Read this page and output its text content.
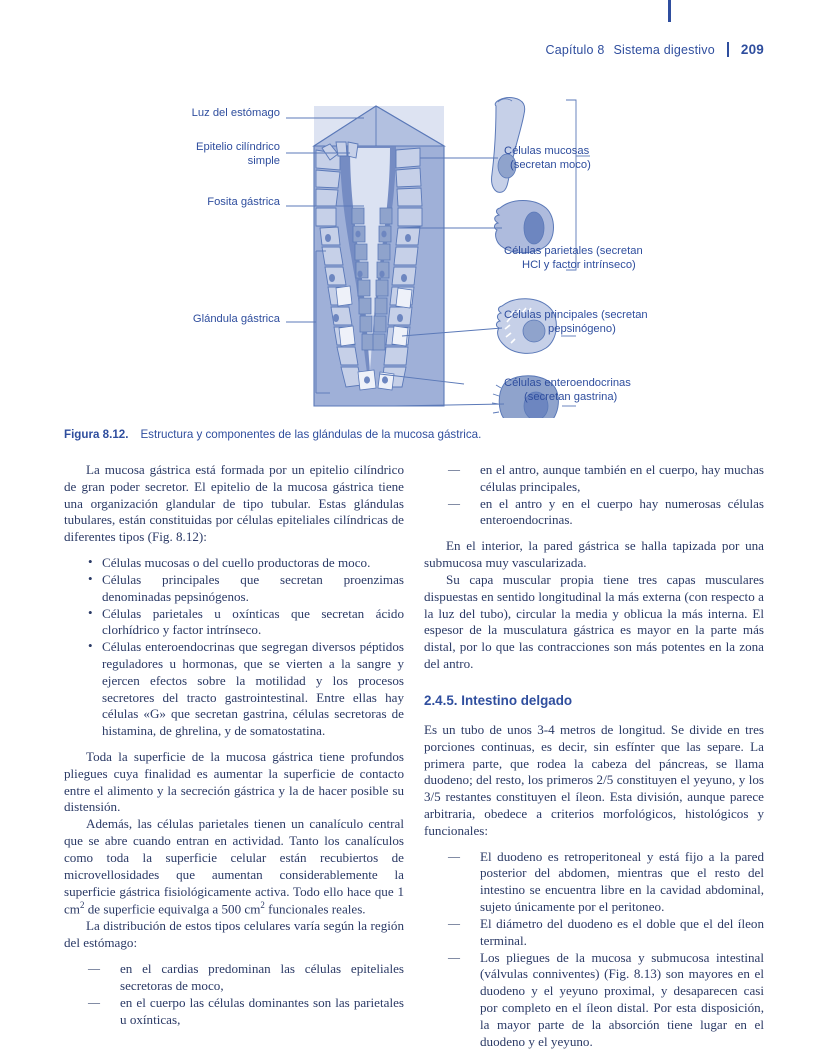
Capítulo 8 Sistema digestivo 209
Luz del estómago
Epitelio cilíndrico
simple
Fosita gástrica
Glándula gástrica
Células mucosas
(secretan moco)
Células parietales (secretan
HCl y factor intrínseco)
Células principales (secretan
pepsinógeno)
Células enteroendocrinas
(secretan gastrina)
Figura 8.12. Estructura y componentes de las glándulas de la mucosa gástrica.

La mucosa gástrica está formada por un epitelio cilíndrico de gran poder secretor. El epitelio de la mucosa gástrica tiene una organización glandular de tipo tubular. Estas glándulas tubulares, están constituidas por células epiteliales cilíndricas de diferentes tipos (Fig. 8.12):

• Células mucosas o del cuello productoras de moco.
• Células principales que secretan proenzimas denominadas pepsinógenos.
• Células parietales u oxínticas que secretan ácido clorhídrico y factor intrínseco.
• Células enteroendocrinas que segregan diversos péptidos reguladores u hormonas, que se vierten a la sangre y ejercen efectos sobre la motilidad y los procesos secretores del tracto gastrointestinal. Entre ellas hay células «G» que secretan gastrina, células secretoras de histamina, de ghrelina, y de somatostatina.

Toda la superficie de la mucosa gástrica tiene profundos pliegues cuya finalidad es aumentar la superficie de contacto entre el alimento y la secreción gástrica y la de hacer posible su distensión.

Además, las células parietales tienen un canalículo central que se abre cuando entran en actividad. Tanto los canalículos como toda la superficie celular están recubiertos de microvellosidades que aumentan considerablemente la superficie gástrica fisiológicamente activa. Todo ello hace que 1 $cm^2$ de superficie equivalga a 500 $cm^2$ funcionales reales.

La distribución de estos tipos celulares varía según la región del estómago:

— en el cardias predominan las células epiteliales secretoras de moco,
— en el cuerpo las células dominantes son las parietales u oxínticas,
— en el antro, aunque también en el cuerpo, hay muchas células principales,
— en el antro y en el cuerpo hay numerosas células enteroendocrinas.

En el interior, la pared gástrica se halla tapizada por una submucosa muy vascularizada.

Su capa muscular propia tiene tres capas musculares dispuestas en sentido longitudinal la más externa (con respecto a la luz del tubo), circular la media y oblicua la más interna. El espesor de la musculatura gástrica es mayor en la parte más distal, por lo que las contracciones son más potentes en la zona del antro.

2.4.5. Intestino delgado

Es un tubo de unos 3-4 metros de longitud. Se divide en tres porciones continuas, es decir, sin esfínter que las separe. La primera parte, que rodea la cabeza del páncreas, se llama duodeno; del resto, los primeros 2/5 constituyen el yeyuno, y los 3/5 restantes constituyen el íleon. Esta división, aunque parece arbitraria, obedece a criterios morfológicos, histológicos y funcionales:

— El duodeno es retroperitoneal y está fijo a la pared posterior del abdomen, mientras que el resto del intestino se encuentra libre en la cavidad abdominal, sujeto únicamente por el peritoneo.
— El diámetro del duodeno es el doble que el del íleon terminal.
— Los pliegues de la mucosa y submucosa intestinal (válvulas conniventes) (Fig. 8.13) son mayores en el duodeno y el yeyuno proximal, y desaparecen casi por completo en el íleon distal. Por esta disposición, la mayor parte de la absorción tiene lugar en el duodeno y el yeyuno.
